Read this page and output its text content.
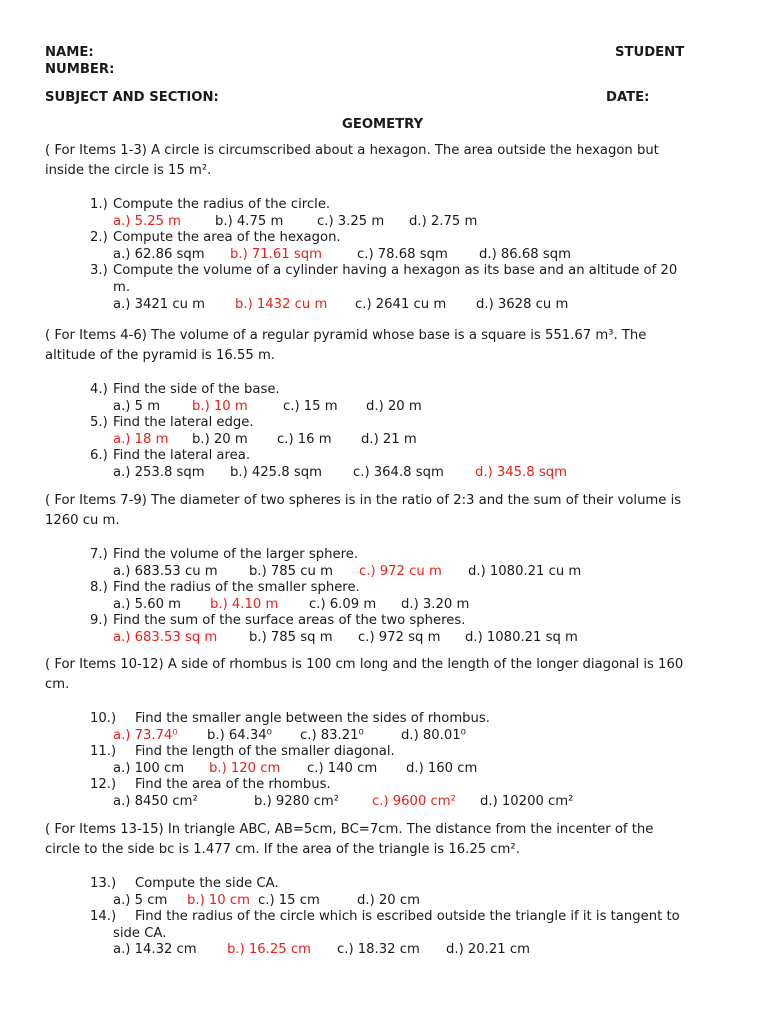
NAME:	STUDENT
NUMBER:
SUBJECT AND SECTION:	DATE:
GEOMETRY
( For Items 1-3) A circle is circumscribed about a hexagon. The area outside the hexagon but
inside the circle is 15 m².
1.) Compute the radius of the circle.
a.) 5.25 m	b.) 4.75 m	c.) 3.25 m d.) 2.75 m
2.) Compute the area of the hexagon.
a.) 62.86 sqm b.) 71.61 sqm	c.) 78.68 sqm d.) 86.68 sqm
3.) Compute the volume of a cylinder having a hexagon as its base and an altitude of 20
m.
a.) 3421 cu m b.) 1432 cu m c.) 2641 cu m d.) 3628 cu m
( For Items 4-6) The volume of a regular pyramid whose base is a square is 551.67 m³. The
altitude of the pyramid is 16.55 m.
4.) Find the side of the base.
a.) 5 m b.) 10 m	c.) 15 m d.) 20 m
5.) Find the lateral edge.
a.) 18 m b.) 20 m c.) 16 m d.) 21 m
6.) Find the lateral area.
a.) 253.8 sqm b.) 425.8 sqm c.) 364.8 sqm d.) 345.8 sqm
( For Items 7-9) The diameter of two spheres is in the ratio of 2:3 and the sum of their volume is
1260 cu m.
7.) Find the volume of the larger sphere.
a.) 683.53 cu m b.) 785 cu m c.) 972 cu m d.) 1080.21 cu m
8.) Find the radius of the smaller sphere.
a.) 5.60 m b.) 4.10 m c.) 6.09 m d.) 3.20 m
9.) Find the sum of the surface areas of the two spheres.
a.) 683.53 sq m b.) 785 sq m c.) 972 sq m d.) 1080.21 sq m
( For Items 10-12) A side of rhombus is 100 cm long and the length of the longer diagonal is 160
cm.
10.) Find the smaller angle between the sides of rhombus.
a.) 73.74⁰ b.) 64.34⁰ c.) 83.21⁰	d.) 80.01⁰
11.) Find the length of the smaller diagonal.
a.) 100 cm b.) 120 cm c.) 140 cm d.) 160 cm
12.) Find the area of the rhombus.
a.) 8450 cm²	b.) 9280 cm² c.) 9600 cm² d.) 10200 cm²
( For Items 13-15) In triangle ABC, AB=5cm, BC=7cm. The distance from the incenter of the
circle to the side bc is 1.477 cm. If the area of the triangle is 16.25 cm².
13.) Compute the side CA.
a.) 5 cm b.) 10 cm c.) 15 cm	d.) 20 cm
14.) Find the radius of the circle which is escribed outside the triangle if it is tangent to
side CA.
a.) 14.32 cm b.) 16.25 cm c.) 18.32 cm d.) 20.21 cm
